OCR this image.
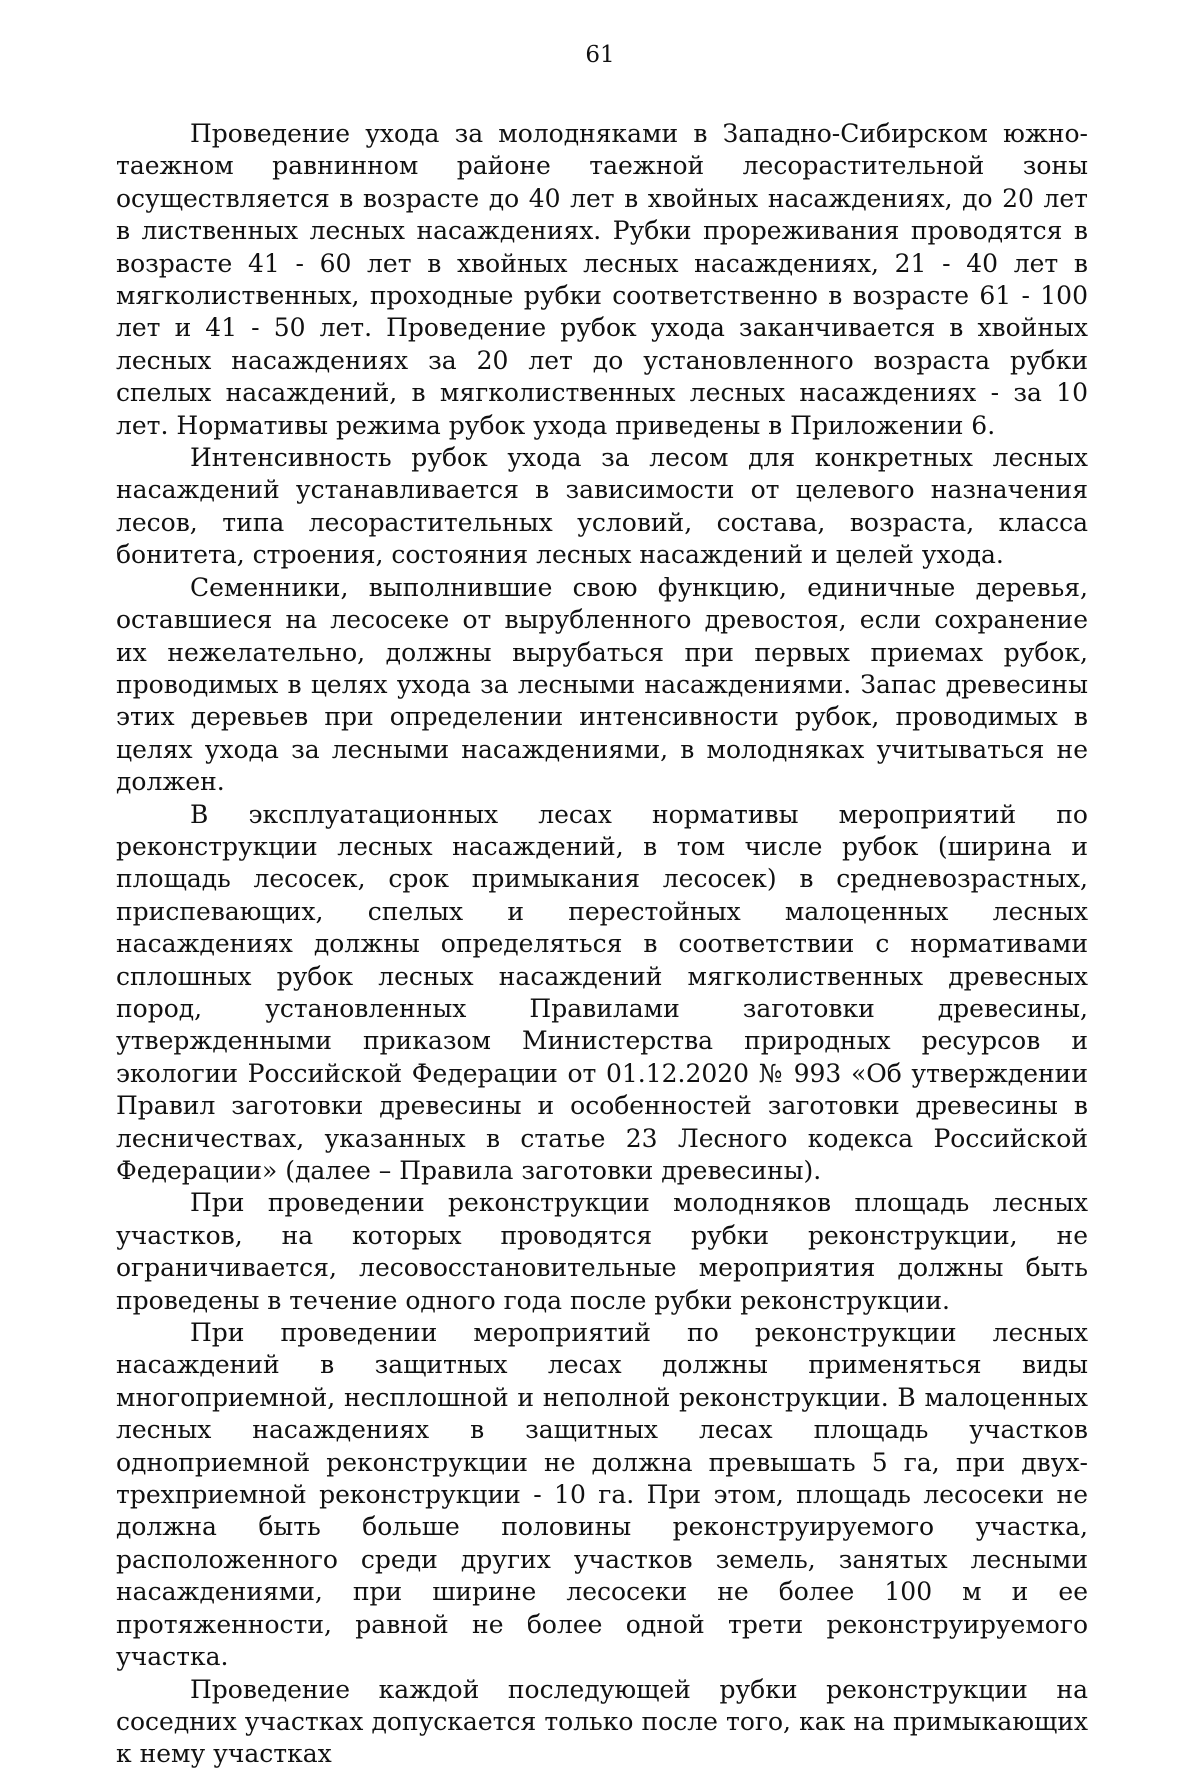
61

Проведение ухода за молодняками в Западно-Сибирском южно-таежном равнинном районе таежной лесорастительной зоны осуществляется в возрасте до 40 лет в хвойных насаждениях, до 20 лет в лиственных лесных насаждениях. Рубки прореживания проводятся в возрасте 41 - 60 лет в хвойных лесных насаждениях, 21 - 40 лет в мягколиственных, проходные рубки соответственно в возрасте 61 - 100 лет и 41 - 50 лет. Проведение рубок ухода заканчивается в хвойных лесных насаждениях за 20 лет до установленного возраста рубки спелых насаждений, в мягколиственных лесных насаждениях - за 10 лет. Нормативы режима рубок ухода приведены в Приложении 6.

Интенсивность рубок ухода за лесом для конкретных лесных насаждений устанавливается в зависимости от целевого назначения лесов, типа лесорастительных условий, состава, возраста, класса бонитета, строения, состояния лесных насаждений и целей ухода.

Семенники, выполнившие свою функцию, единичные деревья, оставшиеся на лесосеке от вырубленного древостоя, если сохранение их нежелательно, должны вырубаться при первых приемах рубок, проводимых в целях ухода за лесными насаждениями. Запас древесины этих деревьев при определении интенсивности рубок, проводимых в целях ухода за лесными насаждениями, в молодняках учитываться не должен.

В эксплуатационных лесах нормативы мероприятий по реконструкции лесных насаждений, в том числе рубок (ширина и площадь лесосек, срок примыкания лесосек) в средневозрастных, приспевающих, спелых и перестойных малоценных лесных насаждениях должны определяться в соответствии с нормативами сплошных рубок лесных насаждений мягколиственных древесных пород, установленных Правилами заготовки древесины, утвержденными приказом Министерства природных ресурсов и экологии Российской Федерации от 01.12.2020 № 993 «Об утверждении Правил заготовки древесины и особенностей заготовки древесины в лесничествах, указанных в статье 23 Лесного кодекса Российской Федерации» (далее – Правила заготовки древесины).

При проведении реконструкции молодняков площадь лесных участков, на которых проводятся рубки реконструкции, не ограничивается, лесовосстановительные мероприятия должны быть проведены в течение одного года после рубки реконструкции.

При проведении мероприятий по реконструкции лесных насаждений в защитных лесах должны применяться виды многоприемной, несплошной и неполной реконструкции. В малоценных лесных насаждениях в защитных лесах площадь участков одноприемной реконструкции не должна превышать 5 га, при двух-трехприемной реконструкции - 10 га. При этом, площадь лесосеки не должна быть больше половины реконструируемого участка, расположенного среди других участков земель, занятых лесными насаждениями, при ширине лесосеки не более 100 м и ее протяженности, равной не более одной трети реконструируемого участка.

Проведение каждой последующей рубки реконструкции на соседних участках допускается только после того, как на примыкающих к нему участках
